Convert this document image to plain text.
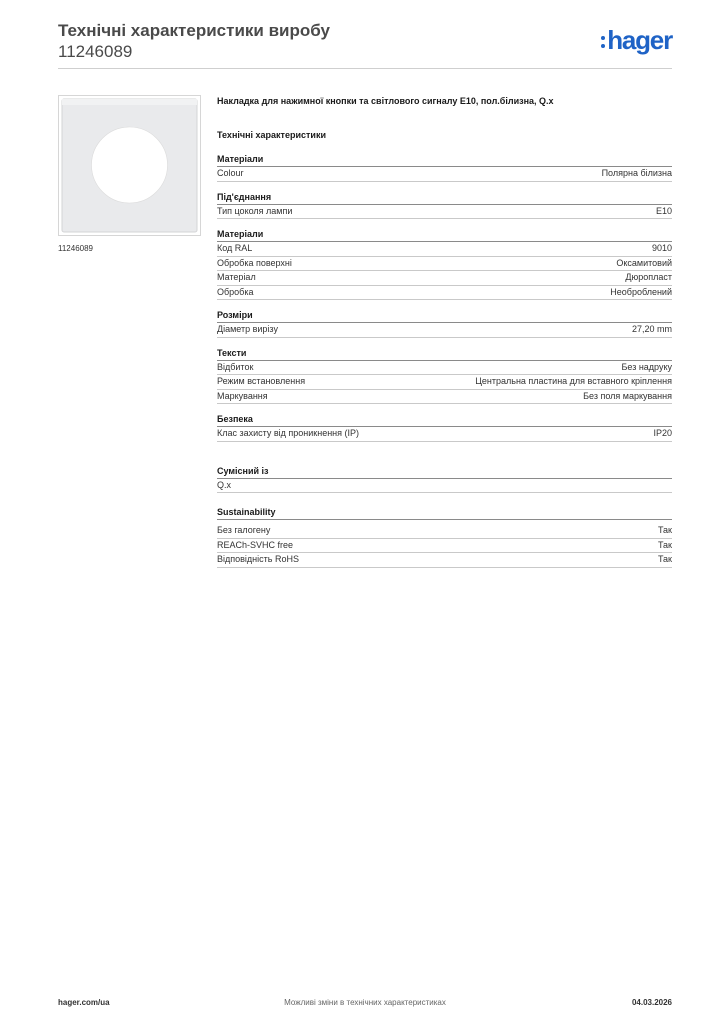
Технічні характеристики виробу
11246089	hager
11246089
Накладка для нажимної кнопки та світлового сигналу E10, пол.білизна, Q.x
Технічні характеристики
Матеріали
Colour	Полярна білизна
Під'єднання
Тип цоколя лампи	E10
Матеріали
Код RAL	9010
Обробка поверхні	Оксамитовий
Матеріал	Дюропласт
Обробка	Необроблений
Розміри
Діаметр вирізу	27,20 mm
Тексти
Відбиток	Без надруку
Режим встановлення	Центральна пластина для вставного кріплення
Маркування	Без поля маркування
Безпека
Клас захисту від проникнення (IP)	IP20
Сумісний із
Q.x
Sustainability
Без галогену	Так
REACh-SVHC free	Так
Відповідність RoHS	Так
hager.com/ua	Можливі зміни в технічних характеристиках	04.03.2026
